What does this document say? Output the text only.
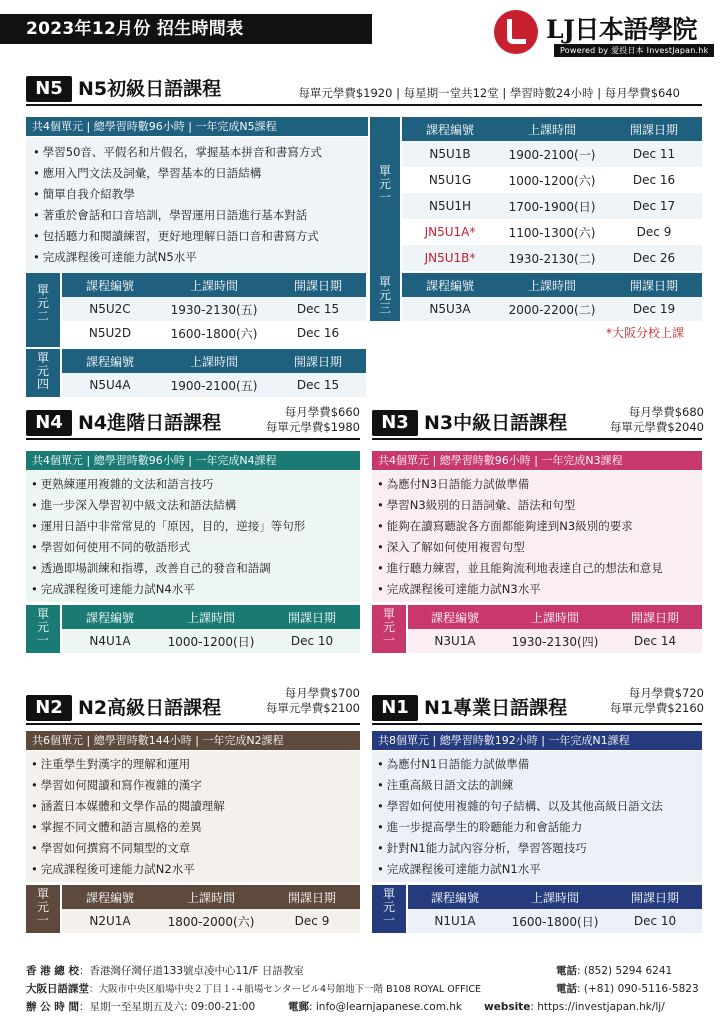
2023年12月份 招生時間表	LJ日本語學院
Powered by 愛投日本 InvestJapan.hk
N5 N5初級日語課程	每單元學費$1920 | 每星期一堂共12堂 | 學習時數24小時 | 每月學費$640
共4個單元 | 總學習時數96小時 | 一年完成N5課程
• 學習50音、平假名和片假名，掌握基本拼音和書寫方式
• 應用入門文法及詞彙，學習基本的日語結構
• 簡單自我介紹教學
• 著重於會話和口音培訓，學習運用日語進行基本對話
• 包括聽力和閱讀練習，更好地理解日語口音和書寫方式
• 完成課程後可達能力試N5水平
單
元
一
課程編號	上課時間	開課日期
N5U1B	1900-2100(一)	Dec 11
N5U1G	1000-1200(六)	Dec 16
N5U1H	1700-1900(日)	Dec 17
JN5U1A*	1100-1300(六)	Dec 9
JN5U1B*	1930-2130(二)	Dec 26
單
元
二
課程編號	上課時間	開課日期
N5U2C	1930-2130(五)	Dec 15
N5U2D	1600-1800(六)	Dec 16
單
元
三
課程編號	上課時間	開課日期
N5U3A	2000-2200(二)	Dec 19
*大阪分校上課
單
元
四
課程編號	上課時間	開課日期
N5U4A	1900-2100(五)	Dec 15
N4 N4進階日語課程	每月學費$660
每單元學費$1980
共4個單元 | 總學習時數96小時 | 一年完成N4課程
• 更熟練運用複雜的文法和語言技巧
• 進一步深入學習初中級文法和語法結構
• 運用日語中非常常見的「原因，目的，逆接」等句形
• 學習如何使用不同的敬語形式
• 透過即場訓練和指導，改善自己的發音和語調
• 完成課程後可達能力試N4水平
單
元
一
課程編號	上課時間	開課日期
N4U1A	1000-1200(日)	Dec 10
N3 N3中級日語課程	每月學費$680
每單元學費$2040
共4個單元 | 總學習時數96小時 | 一年完成N3課程
• 為應付N3日語能力試做準備
• 學習N3級別的日語詞彙、語法和句型
• 能夠在讀寫聽說各方面都能夠達到N3級別的要求
• 深入了解如何使用複習句型
• 進行聽力練習，並且能夠流利地表達自己的想法和意見
• 完成課程後可達能力試N3水平
單
元
一
課程編號	上課時間	開課日期
N3U1A	1930-2130(四)	Dec 14
N2 N2高級日語課程
每月學費$700
每單元學費$2100
共6個單元 | 總學習時數144小時 | 一年完成N2課程
• 注重學生對漢字的理解和運用
• 學習如何閱讀和寫作複雜的漢字
• 涵蓋日本媒體和文學作品的閱讀理解
• 掌握不同文體和語言風格的差異
• 學習如何撰寫不同類型的文章
• 完成課程後可達能力試N2水平
單
元
一
課程編號	上課時間	開課日期
N2U1A	1800-2000(六)	Dec 9
N1 N1專業日語課程
每月學費$720
每單元學費$2160
共8個單元 | 總學習時數192小時 | 一年完成N1課程
• 為應付N1日語能力試做準備
• 注重高級日語文法的訓練
• 學習如何使用複雜的句子結構、以及其他高級日語文法
• 進一步提高學生的聆聽能力和會話能力
• 針對N1能力試內容分析，學習答題技巧
• 完成課程後可達能力試N1水平
單
元
一
課程編號	上課時間	開課日期
N1U1A	1600-1800(日)	Dec 10
香 港 總 校：香港灣仔灣仔道133號卓凌中心11/F 日語教室	電話: (852) 5294 6241
大阪日語課堂：大阪市中央区船場中央２丁目１-４船場センタービル4号館地下一階 B108 ROYAL OFFICE	電話: (+81) 090-5116-5823
辦 公 時 間：星期一至星期五及六: 09:00-21:00	電郵: info@learnjapanese.com.hk website: https://investjapan.hk/lj/
